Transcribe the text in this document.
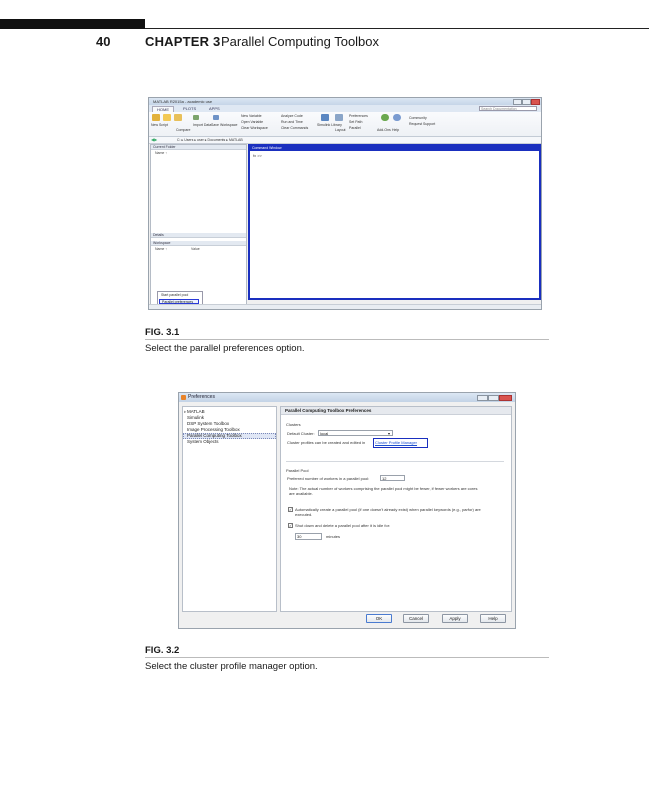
40	CHAPTER 3 Parallel Computing Toolbox
MATLAB R2015a - academic use
HOME	PLOTS	APPS	Search Documentation
New Script
Compare
Import Data Save Workspace
New Variable
Open Variable
Clear Workspace
Analyze Code
Run and Time
Clear Commands
Simulink Library
Layout
Preferences
Set Path
Parallel	Add-Ons Help
Community
Request Support
◀▶	C: ▸ Users ▸ user ▸ Documents ▸ MATLAB
Current Folder
Name ↑
Details
Workspace
Name ↑	Value
Start parallel pool
Parallel preferences
Command Window
fx >>
FIG. 3.1
Select the parallel preferences option.
Preferences
▹ MATLAB
Simulink
DSP System Toolbox
Image Processing Toolbox
Parallel Computing Toolbox
System Objects
Parallel Computing Toolbox Preferences
Clusters
Default Cluster:	local	▾
Cluster profiles can be created and edited in Cluster Profile Manager
Parallel Pool
Preferred number of workers in a parallel pool:	12
Note: The actual number of workers comprising the parallel pool might be fewer, if fewer workers are cores
are available.
✓ Automatically create a parallel pool (if one doesn't already exist) when parallel keywords (e.g., parfor) are
executed.
✓ Shut down and delete a parallel pool after it is idle for:
30	minutes
OK	Cancel	Apply	Help
FIG. 3.2
Select the cluster profile manager option.
